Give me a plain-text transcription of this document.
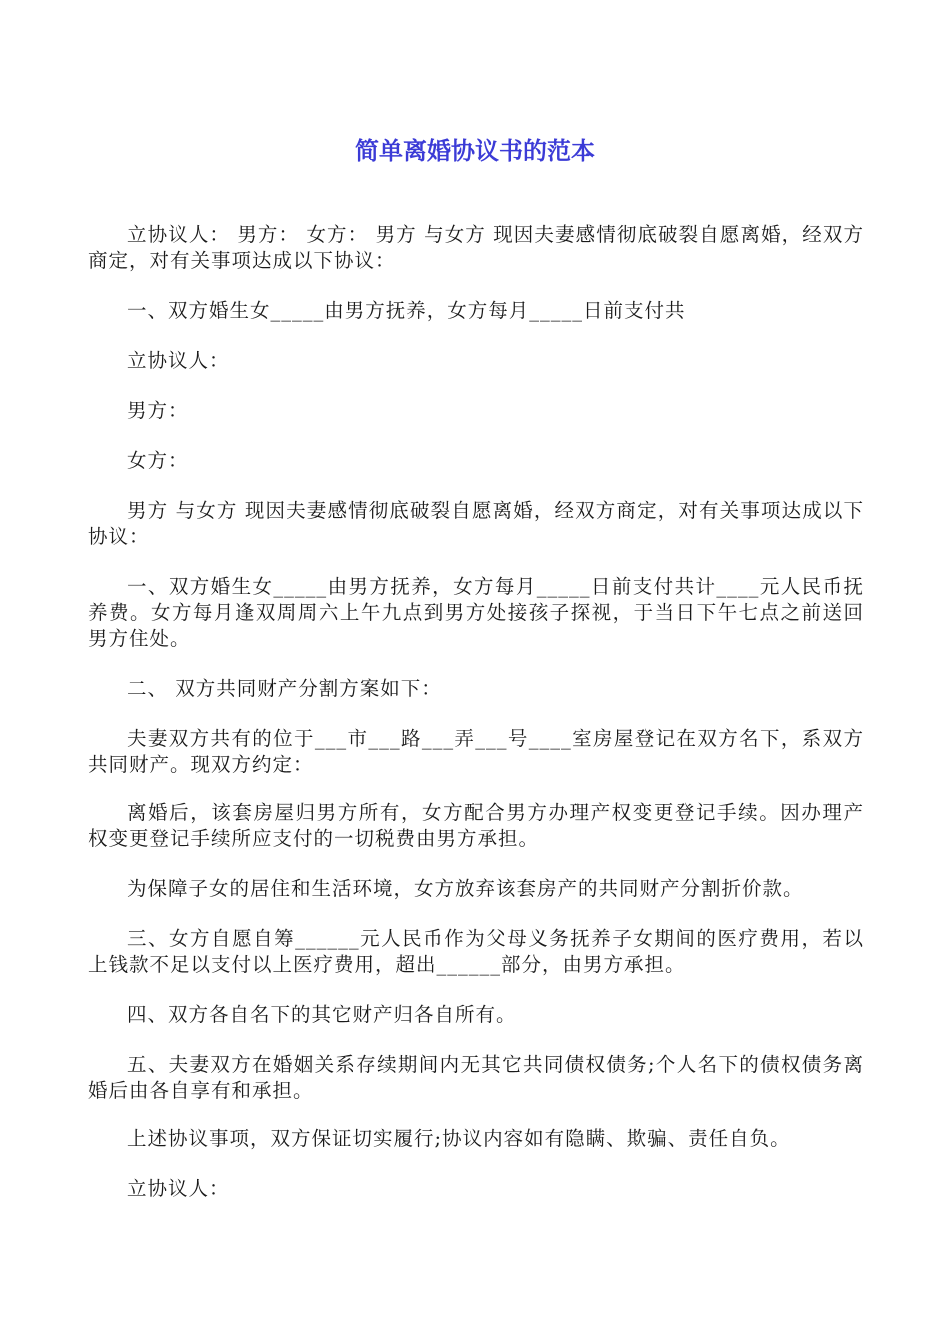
简单离婚协议书的范本

立协议人： 男方： 女方： 男方 与女方 现因夫妻感情彻底破裂自愿离婚，经双方商定，对有关事项达成以下协议：

一、双方婚生女_____由男方抚养，女方每月_____日前支付共

立协议人：

男方：

女方：

男方 与女方 现因夫妻感情彻底破裂自愿离婚，经双方商定，对有关事项达成以下协议：

一、双方婚生女_____由男方抚养，女方每月_____日前支付共计____元人民币抚养费。女方每月逢双周周六上午九点到男方处接孩子探视，于当日下午七点之前送回男方住处。

二、 双方共同财产分割方案如下：

夫妻双方共有的位于___市___路___弄___号____室房屋登记在双方名下，系双方共同财产。现双方约定：

离婚后，该套房屋归男方所有，女方配合男方办理产权变更登记手续。因办理产权变更登记手续所应支付的一切税费由男方承担。

为保障子女的居住和生活环境，女方放弃该套房产的共同财产分割折价款。

三、女方自愿自筹______元人民币作为父母义务抚养子女期间的医疗费用，若以上钱款不足以支付以上医疗费用，超出______部分，由男方承担。

四、双方各自名下的其它财产归各自所有。

五、夫妻双方在婚姻关系存续期间内无其它共同债权债务;个人名下的债权债务离婚后由各自享有和承担。

上述协议事项，双方保证切实履行;协议内容如有隐瞒、欺骗、责任自负。

立协议人：
